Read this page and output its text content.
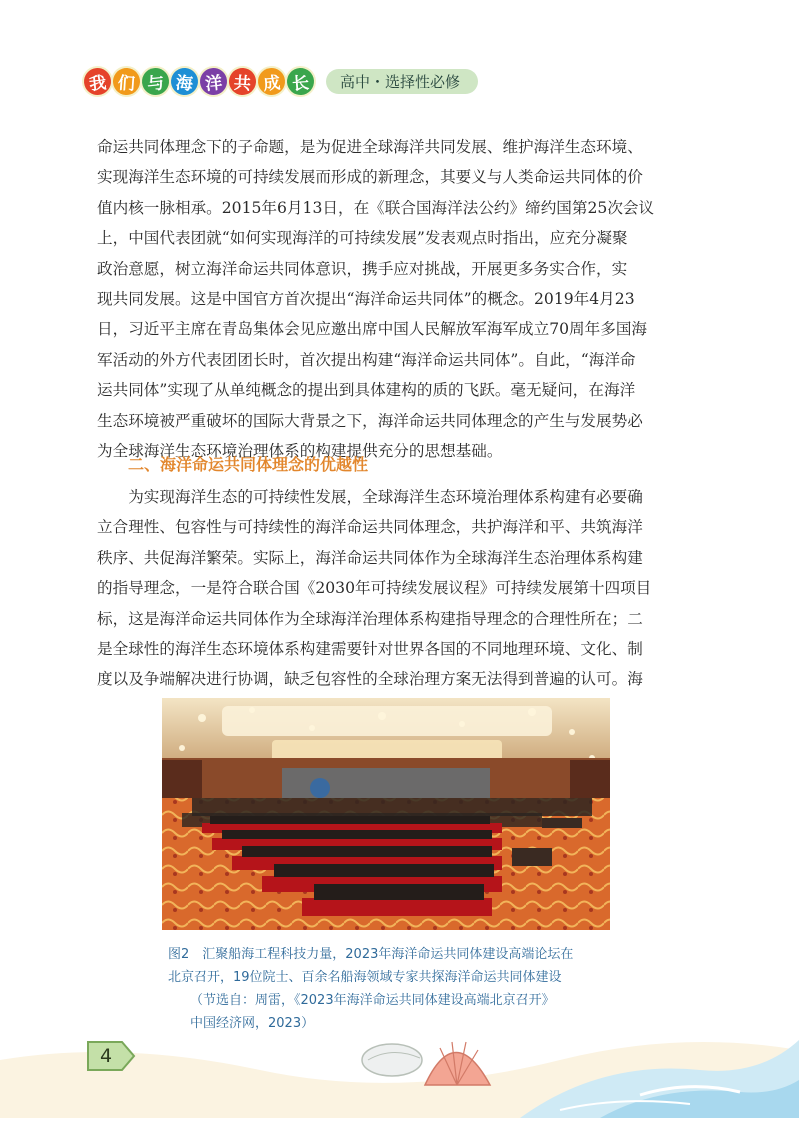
我 们 与 海 洋 共 成 长	高中・选择性必修

命运共同体理念下的子命题，是为促进全球海洋共同发展、维护海洋生态环境、

实现海洋生态环境的可持续发展而形成的新理念，其要义与人类命运共同体的价

值内核一脉相承。2015年6月13日，在《联合国海洋法公约》缔约国第25次会议

上，中国代表团就“如何实现海洋的可持续发展”发表观点时指出，应充分凝聚

政治意愿，树立海洋命运共同体意识，携手应对挑战，开展更多务实合作，实

现共同发展。这是中国官方首次提出“海洋命运共同体”的概念。2019年4月23

日，习近平主席在青岛集体会见应邀出席中国人民解放军海军成立70周年多国海

军活动的外方代表团团长时，首次提出构建“海洋命运共同体”。自此，“海洋命

运共同体”实现了从单纯概念的提出到具体建构的质的飞跃。毫无疑问，在海洋

生态环境被严重破坏的国际大背景之下，海洋命运共同体理念的产生与发展势必

为全球海洋生态环境治理体系的构建提供充分的思想基础。

二、海洋命运共同体理念的优越性

为实现海洋生态的可持续性发展，全球海洋生态环境治理体系构建有必要确

立合理性、包容性与可持续性的海洋命运共同体理念，共护海洋和平、共筑海洋

秩序、共促海洋繁荣。实际上，海洋命运共同体作为全球海洋生态治理体系构建

的指导理念，一是符合联合国《2030年可持续发展议程》可持续发展第十四项目

标，这是海洋命运共同体作为全球海洋治理体系构建指导理念的合理性所在；二

是全球性的海洋生态环境体系构建需要针对世界各国的不同地理环境、文化、制

度以及争端解决进行协调，缺乏包容性的全球治理方案无法得到普遍的认可。海

图2　汇聚船海工程科技力量，2023年海洋命运共同体建设高端论坛在
北京召开，19位院士、百余名船海领域专家共探海洋命运共同体建设
（节选自：周雷，《2023年海洋命运共同体建设高端北京召开》
中国经济网，2023）
4
